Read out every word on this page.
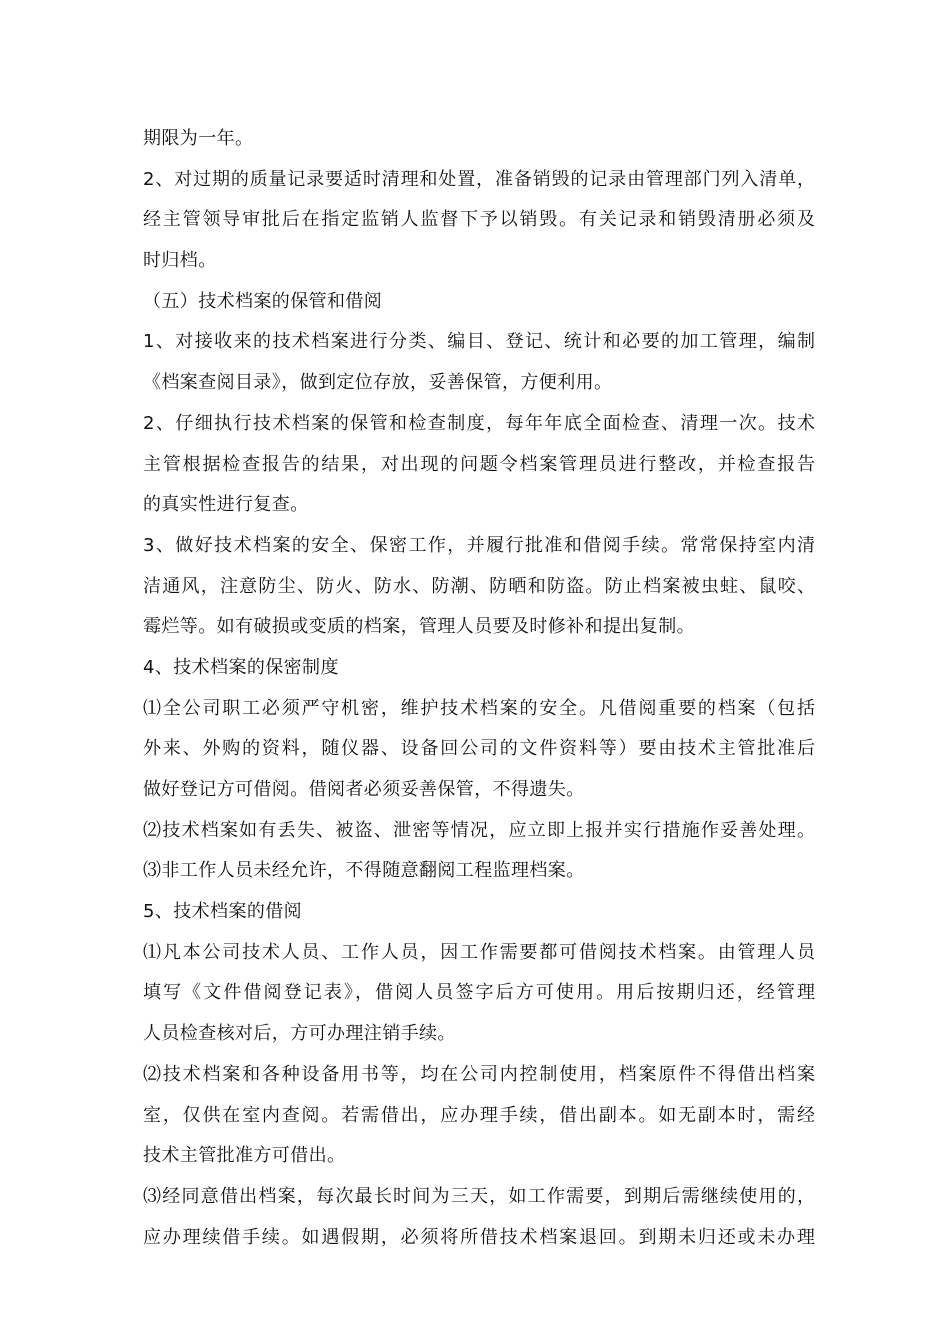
期限为一年。
2、对过期的质量记录要适时清理和处置，准备销毁的记录由管理部门列入清单，
经主管领导审批后在指定监销人监督下予以销毁。有关记录和销毁清册必须及
时归档。
（五）技术档案的保管和借阅
1、对接收来的技术档案进行分类、编目、登记、统计和必要的加工管理，编制
《档案查阅目录》，做到定位存放，妥善保管，方便利用。
2、仔细执行技术档案的保管和检查制度，每年年底全面检查、清理一次。技术
主管根据检查报告的结果，对出现的问题令档案管理员进行整改，并检查报告
的真实性进行复查。
3、做好技术档案的安全、保密工作，并履行批准和借阅手续。常常保持室内清
洁通风，注意防尘、防火、防水、防潮、防晒和防盗。防止档案被虫蛀、鼠咬、
霉烂等。如有破损或变质的档案，管理人员要及时修补和提出复制。
4、技术档案的保密制度
⑴全公司职工必须严守机密，维护技术档案的安全。凡借阅重要的档案（包括
外来、外购的资料，随仪器、设备回公司的文件资料等）要由技术主管批准后
做好登记方可借阅。借阅者必须妥善保管，不得遗失。
⑵技术档案如有丢失、被盗、泄密等情况，应立即上报并实行措施作妥善处理。
⑶非工作人员未经允许，不得随意翻阅工程监理档案。
5、技术档案的借阅
⑴凡本公司技术人员、工作人员，因工作需要都可借阅技术档案。由管理人员
填写《文件借阅登记表》，借阅人员签字后方可使用。用后按期归还，经管理
人员检查核对后，方可办理注销手续。
⑵技术档案和各种设备用书等，均在公司内控制使用，档案原件不得借出档案
室，仅供在室内查阅。若需借出，应办理手续，借出副本。如无副本时，需经
技术主管批准方可借出。
⑶经同意借出档案，每次最长时间为三天，如工作需要，到期后需继续使用的，
应办理续借手续。如遇假期，必须将所借技术档案退回。到期未归还或未办理
